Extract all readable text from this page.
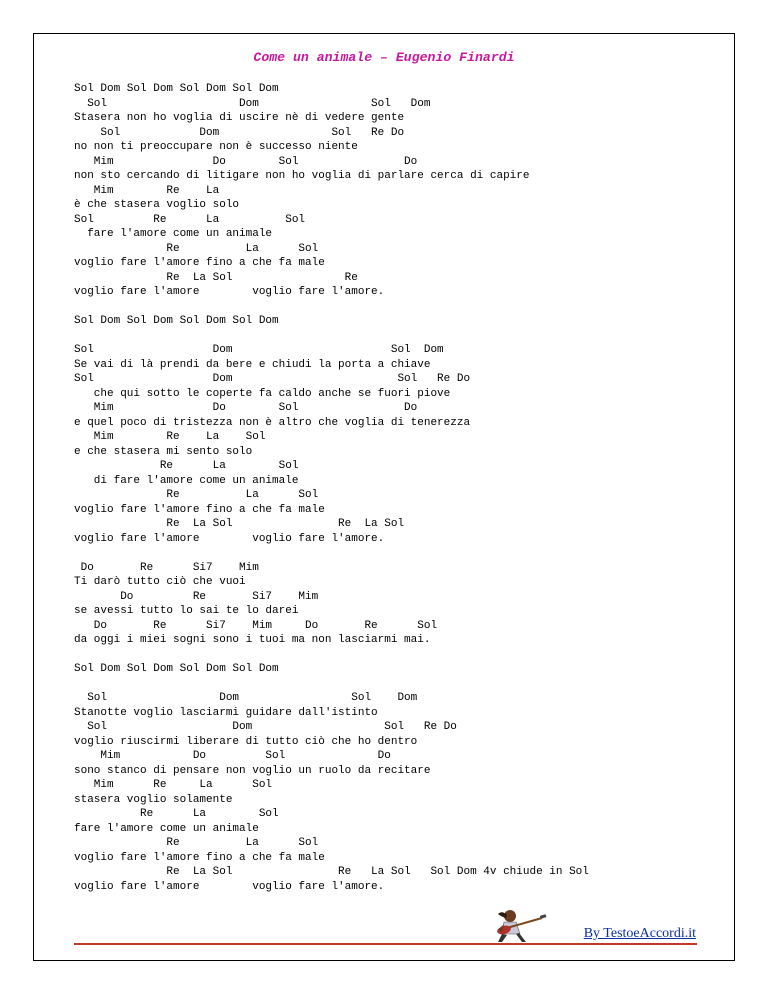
Come un animale – Eugenio Finardi
Sol Dom Sol Dom Sol Dom Sol Dom
Sol                    Dom                 Sol   Dom
Stasera non ho voglia di uscire nè di vedere gente
Sol            Dom                 Sol   Re Do
no non ti preoccupare non è successo niente
Mim               Do        Sol                Do
non sto cercando di litigare non ho voglia di parlare cerca di capire
Mim        Re    La
è che stasera voglio solo
Sol         Re      La          Sol
fare l'amore come un animale
Re          La      Sol
voglio fare l'amore fino a che fa male
Re  La Sol                 Re
voglio fare l'amore        voglio fare l'amore.
Sol Dom Sol Dom Sol Dom Sol Dom
Sol                  Dom                        Sol  Dom
Se vai di là prendi da bere e chiudi la porta a chiave
Sol                  Dom                         Sol   Re Do
che qui sotto le coperte fa caldo anche se fuori piove
Mim               Do        Sol                Do
e quel poco di tristezza non è altro che voglia di tenerezza
Mim        Re    La    Sol
e che stasera mi sento solo
Re      La        Sol
di fare l'amore come un animale
Re          La      Sol
voglio fare l'amore fino a che fa male
Re  La Sol                Re  La Sol
voglio fare l'amore        voglio fare l'amore.
Do       Re      Si7    Mim
Ti darò tutto ciò che vuoi
Do         Re       Si7    Mim
se avessi tutto lo sai te lo darei
Do       Re      Si7    Mim     Do       Re      Sol
da oggi i miei sogni sono i tuoi ma non lasciarmi mai.
Sol Dom Sol Dom Sol Dom Sol Dom
Sol                 Dom                 Sol    Dom
Stanotte voglio lasciarmi guidare dall'istinto
Sol                   Dom                    Sol   Re Do
voglio riuscirmi liberare di tutto ciò che ho dentro
Mim           Do         Sol              Do
sono stanco di pensare non voglio un ruolo da recitare
Mim      Re     La      Sol
stasera voglio solamente
Re      La        Sol
fare l'amore come un animale
Re          La      Sol
voglio fare l'amore fino a che fa male
Re  La Sol                Re   La Sol   Sol Dom 4v chiude in Sol
voglio fare l'amore        voglio fare l'amore.
By TestoeAccordi.it
